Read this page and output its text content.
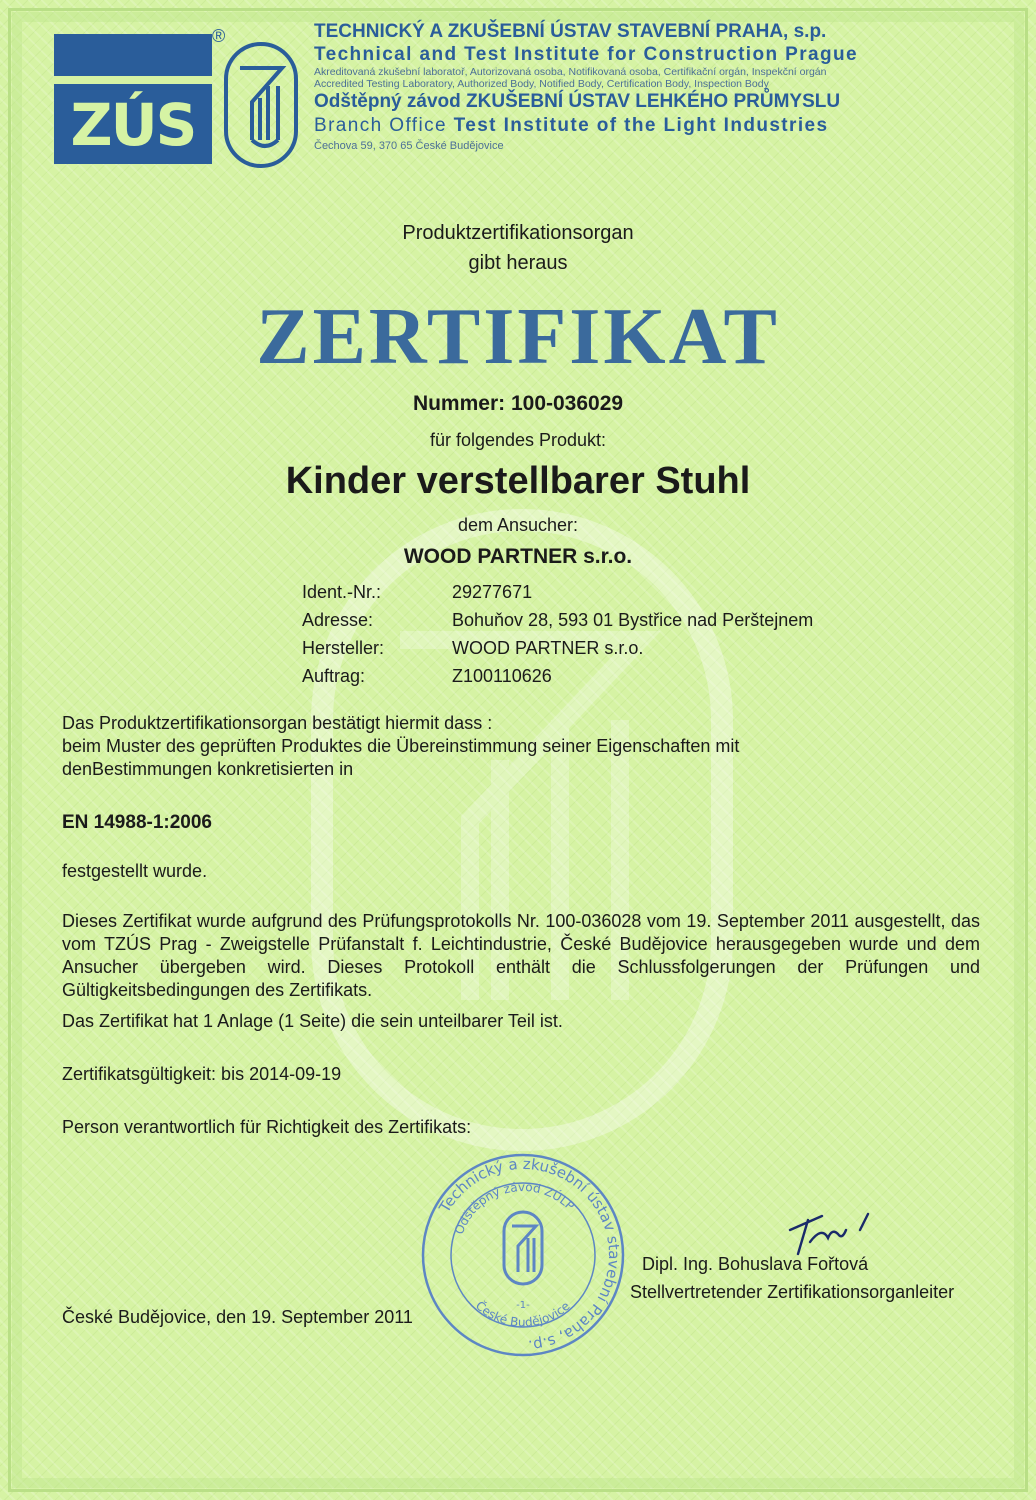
ZÚS
®	TECHNICKÝ A ZKUŠEBNÍ ÚSTAV STAVEBNÍ PRAHA, s.p.
Technical and Test Institute for Construction Prague
Akreditovaná zkušební laboratoř, Autorizovaná osoba, Notifikovaná osoba, Certifikační orgán, Inspekční orgán
Accredited Testing Laboratory, Authorized Body, Notified Body, Certification Body, Inspection Body
Odštěpný závod ZKUŠEBNÍ ÚSTAV LEHKÉHO PRŮMYSLU
Branch Office Test Institute of the Light Industries
Čechova 59, 370 65 České Budějovice
Produktzertifikationsorgan
gibt heraus
ZERTIFIKAT
Nummer: 100-036029
für folgendes Produkt:
Kinder verstellbarer Stuhl
dem Ansucher:
WOOD PARTNER s.r.o.
Ident.-Nr.:	29277671
Adresse:	Bohuňov 28, 593 01 Bystřice nad Perštejnem
Hersteller:	WOOD PARTNER s.r.o.
Auftrag:	Z100110626
Das Produktzertifikationsorgan bestätigt hiermit dass :
beim Muster des geprüften Produktes die Übereinstimmung seiner Eigenschaften mit
denBestimmungen konkretisierten in
EN 14988-1:2006
festgestellt wurde.
Dieses Zertifikat wurde aufgrund des Prüfungsprotokolls Nr. 100-036028 vom 19. September 2011 ausgestellt, das vom TZÚS Prag - Zweigstelle Prüfanstalt f. Leichtindustrie, České Budějovice herausgegeben wurde und dem Ansucher übergeben wird. Dieses Protokoll enthält die Schlussfolgerungen der Prüfungen und Gültigkeitsbedingungen des Zertifikats.
Das Zertifikat hat 1 Anlage (1 Seite) die sein unteilbarer Teil ist.
Zertifikatsgültigkeit: bis 2014-09-19
Person verantwortlich für Richtigkeit des Zertifikats:
Technický a zkušební ústav stavební Praha, s.p.
Odštěpný závod ZÚLP
České Budějovice
-1-
Dipl. Ing. Bohuslava Fořtová
Stellvertretender Zertifikationsorganleiter
České Budějovice, den 19. September 2011
